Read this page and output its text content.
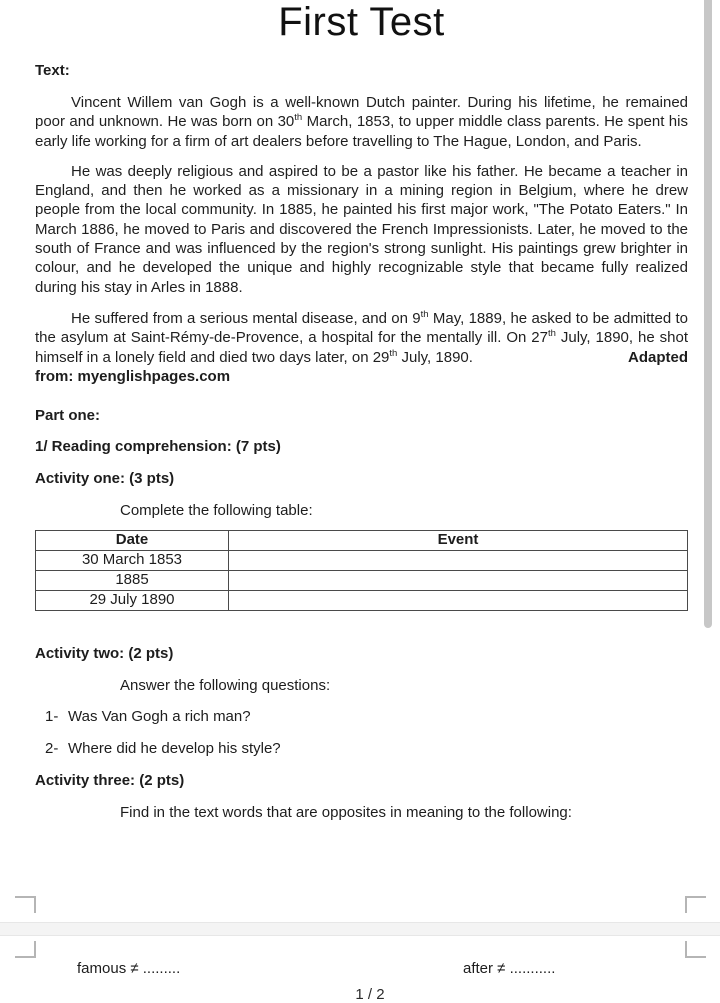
First Test
Text:

Vincent Willem van Gogh is a well-known Dutch painter. During his lifetime, he remained poor and unknown. He was born on 30th March, 1853, to upper middle class parents. He spent his early life working for a firm of art dealers before travelling to The Hague, London, and Paris.

He was deeply religious and aspired to be a pastor like his father. He became a teacher in England, and then he worked as a missionary in a mining region in Belgium, where he drew people from the local community. In 1885, he painted his first major work, "The Potato Eaters." In March 1886, he moved to Paris and discovered the French Impressionists. Later, he moved to the south of France and was influenced by the region's strong sunlight. His paintings grew brighter in colour, and he developed the unique and highly recognizable style that became fully realized during his stay in Arles in 1888.

He suffered from a serious mental disease, and on 9th May, 1889, he asked to be admitted to the asylum at Saint-Rémy-de-Provence, a hospital for the mentally ill. On 27th July, 1890, he shot himself in a lonely field and died two days later, on 29th July, 1890.	Adapted
from: myenglishpages.com
Part one:
1/ Reading comprehension: (7 pts)
Activity one: (3 pts)
Complete the following table:
Date	Event
30 March 1853	
1885	
29 July 1890	
Activity two: (2 pts)
Answer the following questions:
1- Was Van Gogh a rich man?
2- Where did he develop his style?
Activity three: (2 pts)
Find in the text words that are opposites in meaning to the following:
famous ≠ .........	after ≠ ...........
1 / 2
